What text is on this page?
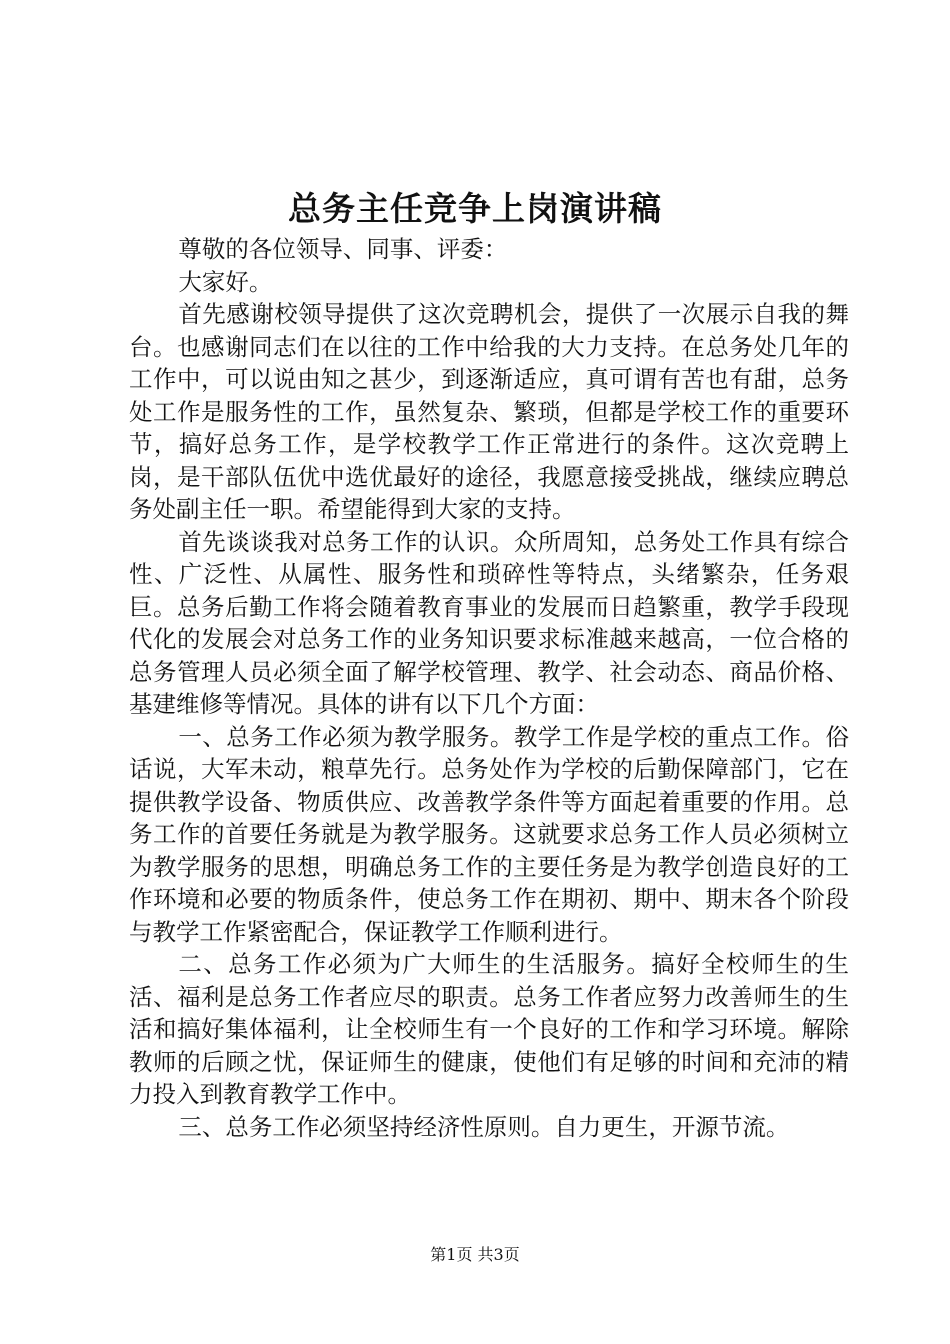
总务主任竞争上岗演讲稿

尊敬的各位领导、同事、评委：

大家好。

首先感谢校领导提供了这次竞聘机会，提供了一次展示自我的舞台。也感谢同志们在以往的工作中给我的大力支持。在总务处几年的工作中，可以说由知之甚少，到逐渐适应，真可谓有苦也有甜，总务处工作是服务性的工作，虽然复杂、繁琐，但都是学校工作的重要环节，搞好总务工作，是学校教学工作正常进行的条件。这次竞聘上岗，是干部队伍优中选优最好的途径，我愿意接受挑战，继续应聘总务处副主任一职。希望能得到大家的支持。

首先谈谈我对总务工作的认识。众所周知，总务处工作具有综合性、广泛性、从属性、服务性和琐碎性等特点，头绪繁杂，任务艰巨。总务后勤工作将会随着教育事业的发展而日趋繁重，教学手段现代化的发展会对总务工作的业务知识要求标准越来越高，一位合格的总务管理人员必须全面了解学校管理、教学、社会动态、商品价格、基建维修等情况。具体的讲有以下几个方面：

一、总务工作必须为教学服务。教学工作是学校的重点工作。俗话说，大军未动，粮草先行。总务处作为学校的后勤保障部门，它在提供教学设备、物质供应、改善教学条件等方面起着重要的作用。总务工作的首要任务就是为教学服务。这就要求总务工作人员必须树立为教学服务的思想，明确总务工作的主要任务是为教学创造良好的工作环境和必要的物质条件，使总务工作在期初、期中、期末各个阶段与教学工作紧密配合，保证教学工作顺利进行。

二、总务工作必须为广大师生的生活服务。搞好全校师生的生活、福利是总务工作者应尽的职责。总务工作者应努力改善师生的生活和搞好集体福利，让全校师生有一个良好的工作和学习环境。解除教师的后顾之忧，保证师生的健康，使他们有足够的时间和充沛的精力投入到教育教学工作中。

三、总务工作必须坚持经济性原则。自力更生，开源节流。

第1页 共3页
